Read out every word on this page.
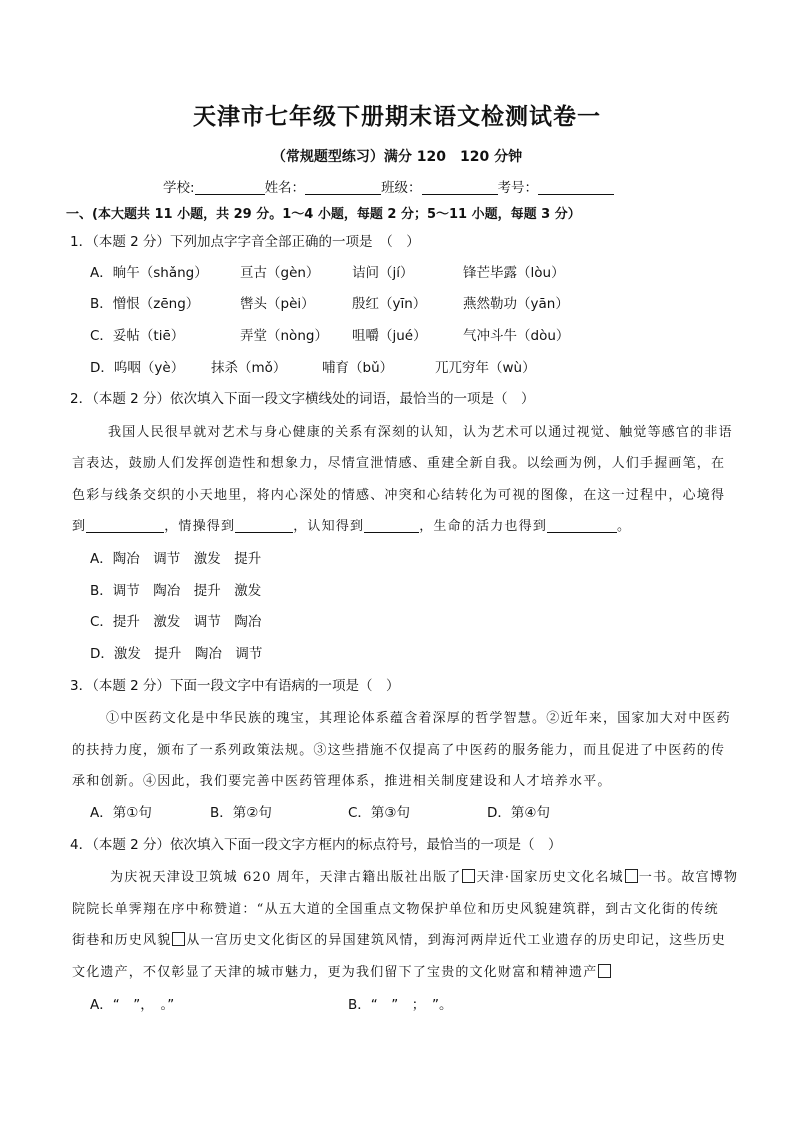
天津市七年级下册期末语文检测试卷一
（常规题型练习）满分 120　120 分钟
学校:	姓名：	班级：	考号：
一、(本大题共 11 小题，共 29 分。1～4 小题，每题 2 分；5～11 小题，每题 3 分）
1．（本题 2 分）下列加点字字音全部正确的一项是　（　）
A．晌午（shǎng） 亘古（gèn） 诘问（jí）	锋芒毕露（lòu）
B．憎恨（zēng）	辔头（pèi）	殷红（yīn）	燕然勒功（yān）
C．妥帖（tiē）	弄堂（nòng） 咀嚼（jué）	气冲斗牛（dòu）
D．呜咽（yè） 抹杀（mǒ）	哺育（bǔ）	兀兀穷年（wù）
2．（本题 2 分）依次填入下面一段文字横线处的词语，最恰当的一项是（　）
我国人民很早就对艺术与身心健康的关系有深刻的认知，认为艺术可以通过视觉、触觉等感官的非语
言表达，鼓励人们发挥创造性和想象力，尽情宣泄情感、重建全新自我。以绘画为例，人们手握画笔，在
色彩与线条交织的小天地里，将内心深处的情感、冲突和心结转化为可视的图像，在这一过程中，心境得
到	，情操得到	，认知得到	，生命的活力也得到	。
A．陶冶　调节　激发　提升
B．调节　陶冶　提升　激发
C．提升　激发　调节　陶冶
D．激发　提升　陶冶　调节
3．（本题 2 分）下面一段文字中有语病的一项是（　）
①中医药文化是中华民族的瑰宝，其理论体系蕴含着深厚的哲学智慧。②近年来，国家加大对中医药
的扶持力度，颁布了一系列政策法规。③这些措施不仅提高了中医药的服务能力，而且促进了中医药的传
承和创新。④因此，我们要完善中医药管理体系，推进相关制度建设和人才培养水平。
A．第①句	B．第②句	C．第③句	D．第④句
4．（本题 2 分）依次填入下面一段文字方框内的标点符号，最恰当的一项是（　）
为庆祝天津设卫筑城 620 周年，天津古籍出版社出版了 天津·国家历史文化名城 一书。故宫博物
院院长单霁翔在序中称赞道：“从五大道的全国重点文物保护单位和历史风貌建筑群，到古文化街的传统
街巷和历史风貌 从一宫历史文化街区的异国建筑风情，到海河两岸近代工业遗存的历史印记，这些历史
文化遗产，不仅彰显了天津的城市魅力，更为我们留下了宝贵的文化财富和精神遗产
A．“　”，　。”	B．“　”　；　”。
